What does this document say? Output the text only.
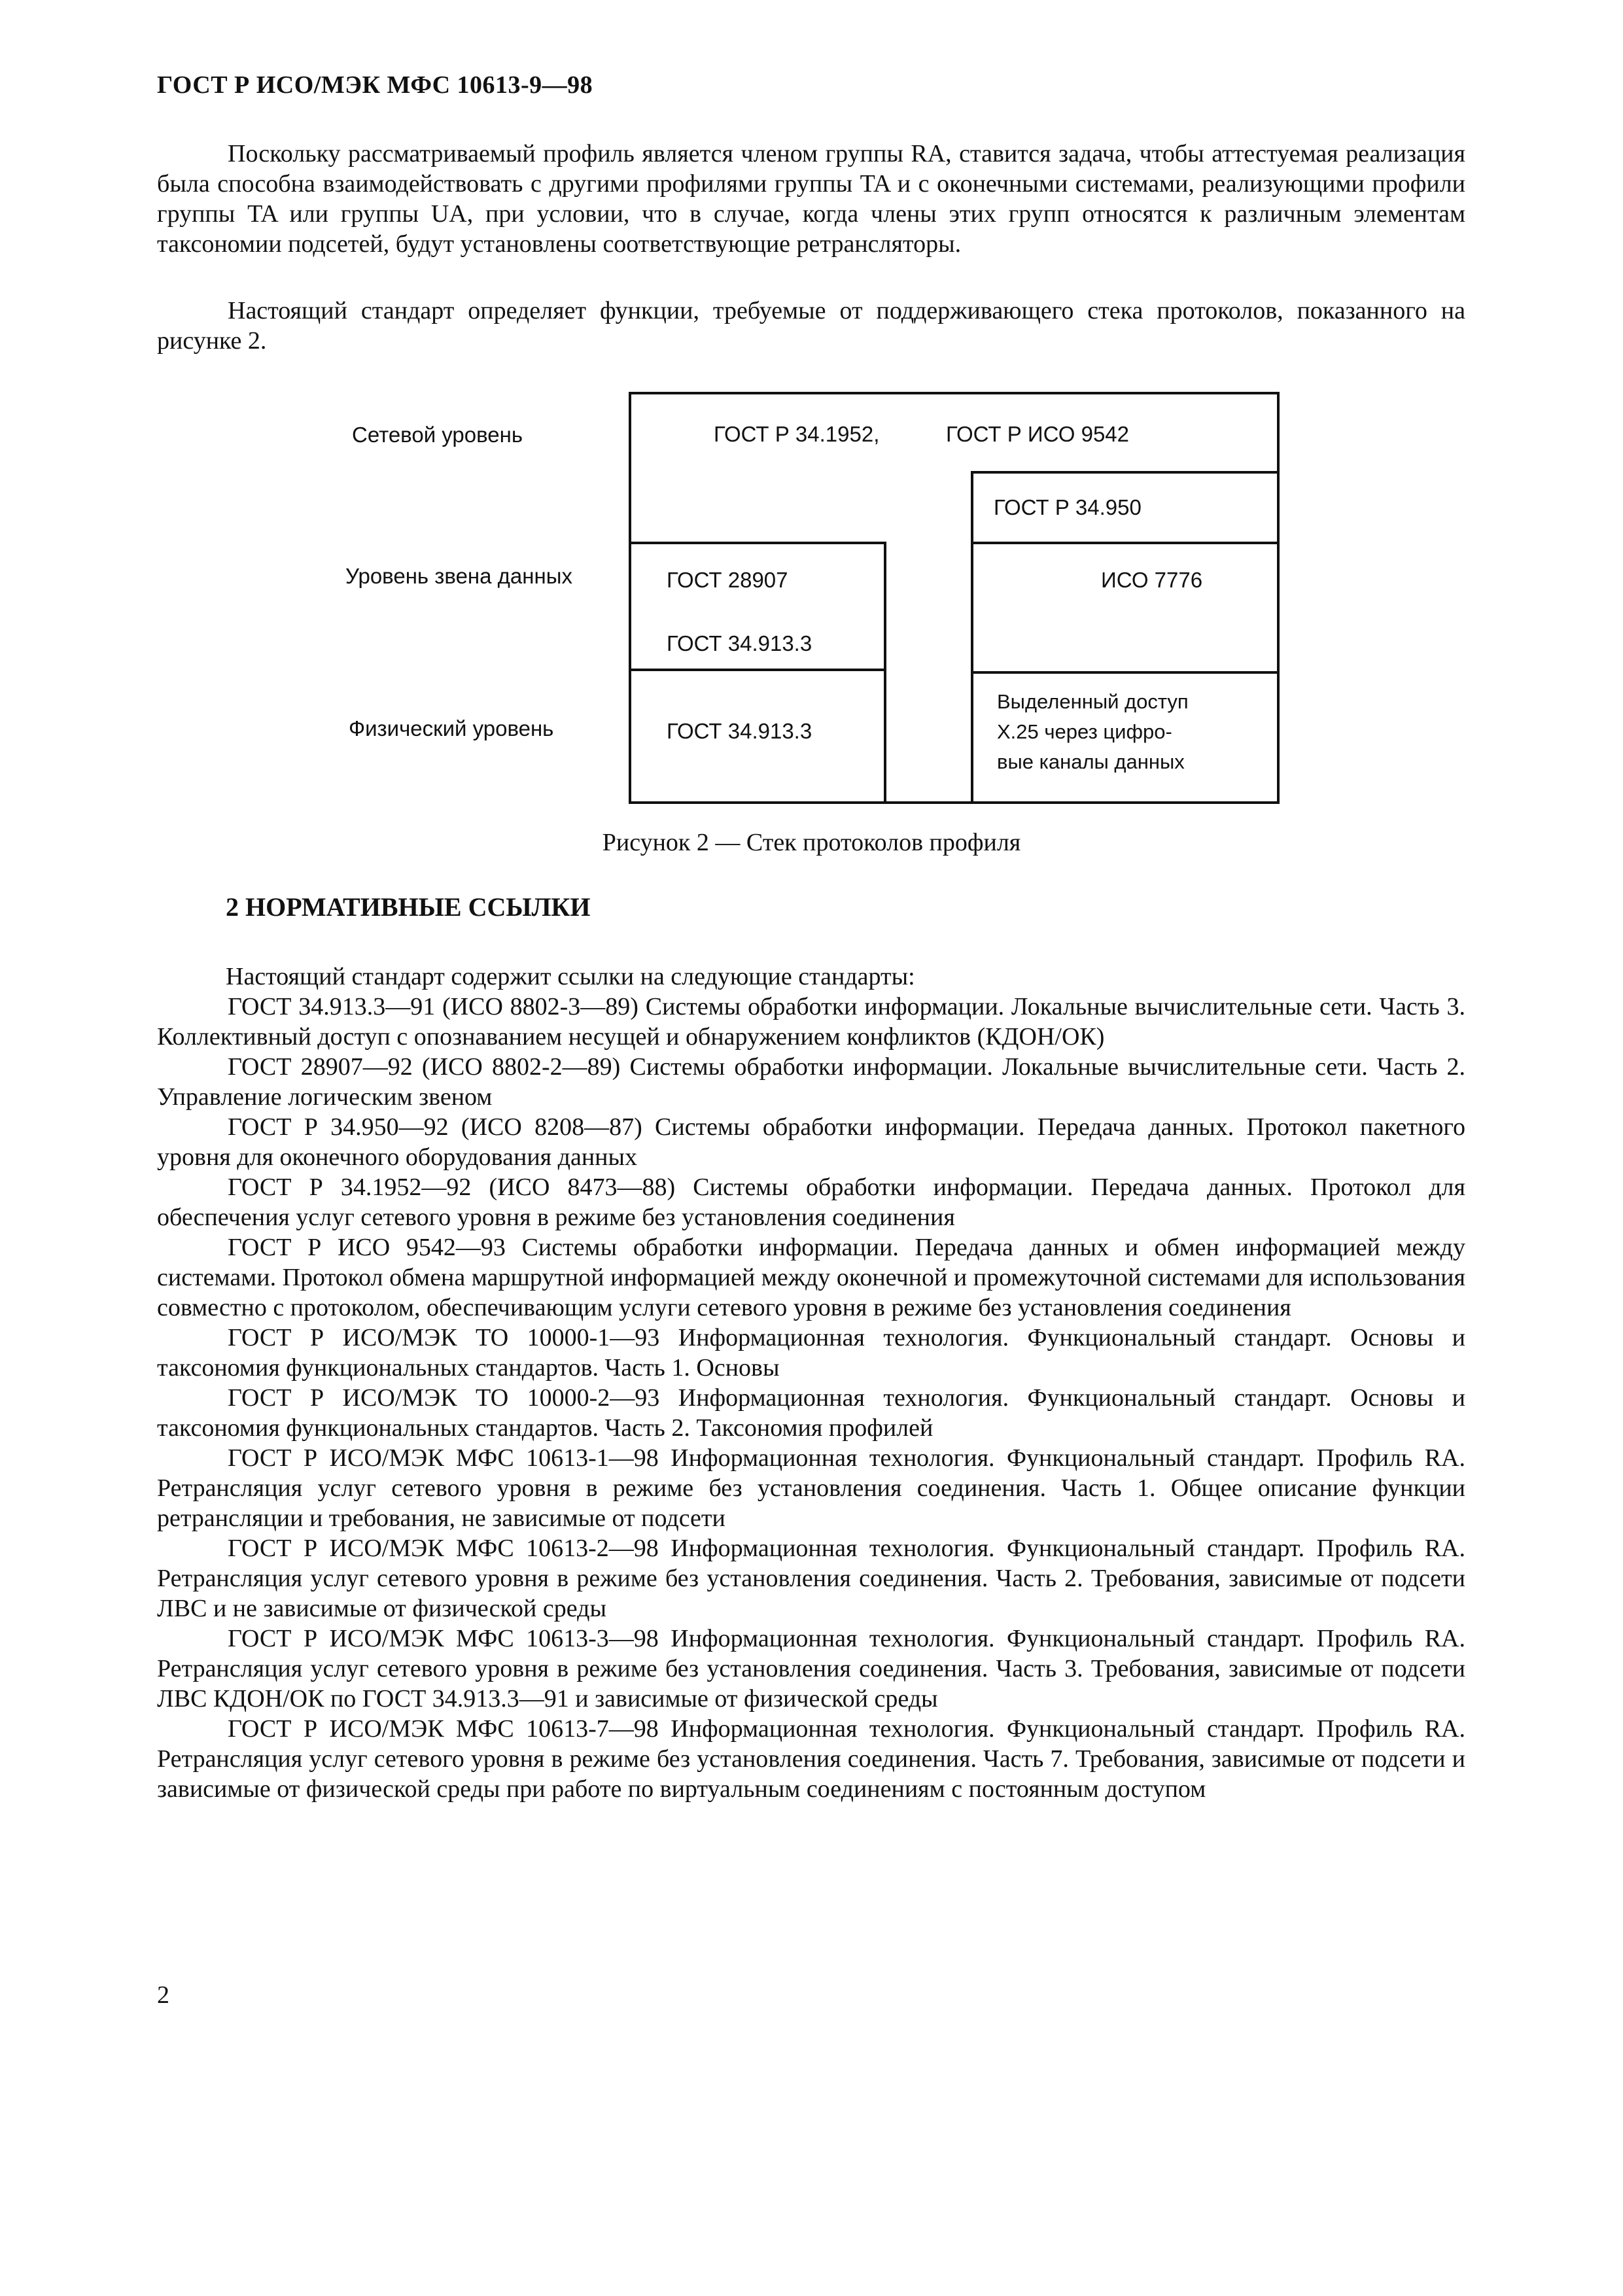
ГОСТ Р ИСО/МЭК МФС 10613-9—98

Поскольку рассматриваемый профиль является членом группы RA, ставится задача, чтобы аттестуемая реализация была способна взаимодействовать с другими профилями группы TA и с оконечными системами, реализующими профили группы TA или группы UA, при условии, что в случае, когда члены этих групп относятся к различным элементам таксономии подсетей, будут установлены соответствующие ретрансляторы.

Настоящий стандарт определяет функции, требуемые от поддерживающего стека протоколов, показанного на рисунке 2.

Сетевой уровень
Уровень звена данных
Физический уровень
ГОСТ Р 34.1952,	ГОСТ Р ИСО 9542
ГОСТ Р 34.950
ИСО 7776
ГОСТ 28907
ГОСТ 34.913.3
ГОСТ 34.913.3
Выделенный доступ
X.25 через цифро-
вые каналы данных
Рисунок 2 — Стек протоколов профиля
2 НОРМАТИВНЫЕ ССЫЛКИ
Настоящий стандарт содержит ссылки на следующие стандарты:

ГОСТ 34.913.3—91 (ИСО 8802-3—89) Системы обработки информации. Локальные вычислительные сети. Часть 3. Коллективный доступ с опознаванием несущей и обнаружением конфликтов (КДОН/ОК)

ГОСТ 28907—92 (ИСО 8802-2—89) Системы обработки информации. Локальные вычислительные сети. Часть 2. Управление логическим звеном

ГОСТ Р 34.950—92 (ИСО 8208—87) Системы обработки информации. Передача данных. Протокол пакетного уровня для оконечного оборудования данных

ГОСТ Р 34.1952—92 (ИСО 8473—88) Системы обработки информации. Передача данных. Протокол для обеспечения услуг сетевого уровня в режиме без установления соединения

ГОСТ Р ИСО 9542—93 Системы обработки информации. Передача данных и обмен информацией между системами. Протокол обмена маршрутной информацией между оконечной и промежуточной системами для использования совместно с протоколом, обеспечивающим услуги сетевого уровня в режиме без установления соединения

ГОСТ Р ИСО/МЭК ТО 10000-1—93 Информационная технология. Функциональный стандарт. Основы и таксономия функциональных стандартов. Часть 1. Основы

ГОСТ Р ИСО/МЭК ТО 10000-2—93 Информационная технология. Функциональный стандарт. Основы и таксономия функциональных стандартов. Часть 2. Таксономия профилей

ГОСТ Р ИСО/МЭК МФС 10613-1—98 Информационная технология. Функциональный стандарт. Профиль RA. Ретрансляция услуг сетевого уровня в режиме без установления соединения. Часть 1. Общее описание функции ретрансляции и требования, не зависимые от подсети

ГОСТ Р ИСО/МЭК МФС 10613-2—98 Информационная технология. Функциональный стандарт. Профиль RA. Ретрансляция услуг сетевого уровня в режиме без установления соединения. Часть 2. Требования, зависимые от подсети ЛВС и не зависимые от физической среды

ГОСТ Р ИСО/МЭК МФС 10613-3—98 Информационная технология. Функциональный стандарт. Профиль RA. Ретрансляция услуг сетевого уровня в режиме без установления соединения. Часть 3. Требования, зависимые от подсети ЛВС КДОН/ОК по ГОСТ 34.913.3—91 и зависимые от физической среды

ГОСТ Р ИСО/МЭК МФС 10613-7—98 Информационная технология. Функциональный стандарт. Профиль RA. Ретрансляция услуг сетевого уровня в режиме без установления соединения. Часть 7. Требования, зависимые от подсети и зависимые от физической среды при работе по виртуальным соединениям с постоянным доступом

2
